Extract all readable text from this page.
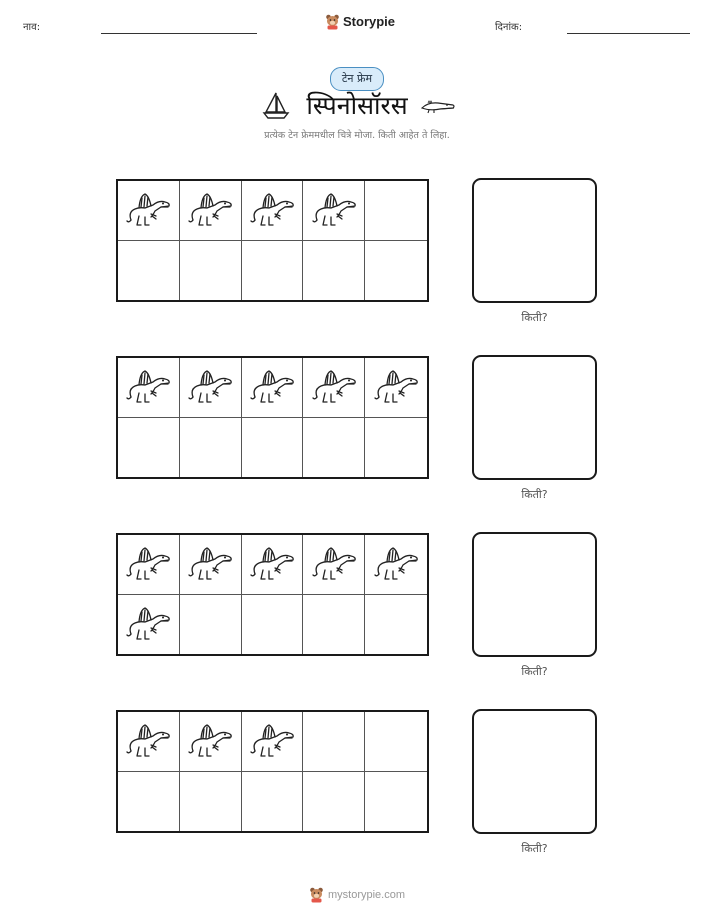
नाव:	Storypie	दिनांक:
टेन फ्रेम
स्पिनोसॉरस
प्रत्येक टेन फ्रेममधील चित्रे मोजा. किती आहेत ते लिहा.
किती?
किती?
किती?
किती?
mystorypie.com
